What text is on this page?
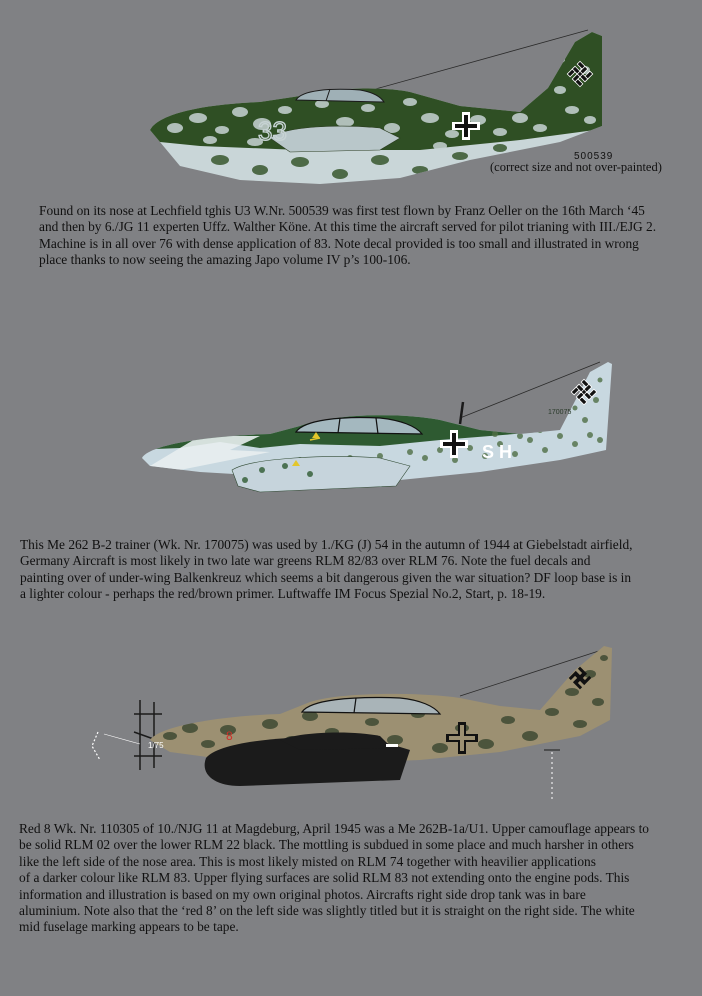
33
500539
(correct size and not over-painted)

Found on its nose at Lechfield tghis U3 W.Nr. 500539 was first test flown by Franz Oeller on the 16th March ‘45
and then by 6./JG 11 experten Uffz. Walther Köne. At this time the aircraft served for pilot trianing with III./EJG 2.
Machine is in all over 76 with dense application of 83. Note decal provided is too small and illustrated in wrong
place thanks to now seeing the amazing Japo volume IV p’s 100-106.

S H
170075

This Me 262 B-2 trainer (Wk. Nr. 170075) was used by 1./KG (J) 54 in the autumn of 1944 at Giebelstadt airfield,
Germany Aircraft is most likely in two late war greens RLM 82/83 over RLM 76. Note the fuel decals and
painting over of under-wing Balkenkreuz which seems a bit dangerous given the war situation? DF loop base is in
a lighter colour - perhaps the red/brown primer. Luftwaffe IM Focus Spezial No.2, Start, p. 18-19.

8
1/75

Red 8 Wk. Nr. 110305 of 10./NJG 11 at Magdeburg, April 1945 was a Me 262B-1a/U1. Upper camouflage appears to
be solid RLM 02 over the lower RLM 22 black. The mottling is subdued in some place and much harsher in others
like the left side of the nose area. This is most likely misted on RLM 74 together with heavilier applications
of a darker colour like RLM 83. Upper flying surfaces are solid RLM 83 not extending onto the engine pods. This
information and illustration is based on my own original photos. Aircrafts right side drop tank was in bare
aluminium. Note also that the ‘red 8’ on the left side was slightly titled but it is straight on the right side. The white
mid fuselage marking appears to be tape.
